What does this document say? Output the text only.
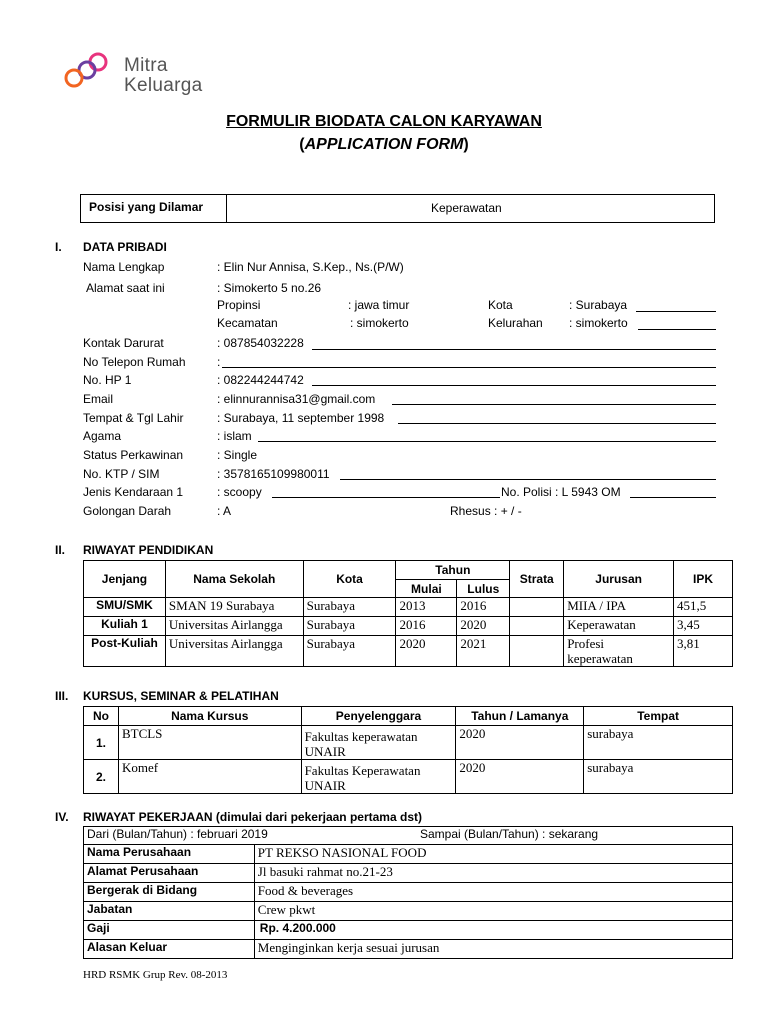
Mitra
Keluarga
FORMULIR BIODATA CALON KARYAWAN
(APPLICATION FORM)
Posisi yang Dilamar	Keperawatan
I. DATA PRIBADI
Nama Lengkap	: Elin Nur Annisa, S.Kep., Ns.(P/W)
Alamat saat ini	: Simokerto 5 no.26
Propinsi	: jawa timur	Kota	: Surabaya
Kecamatan	: simokerto	Kelurahan : simokerto
Kontak Darurat	: 087854032228
No Telepon Rumah	:
No. HP 1	: 082244244742
Email	: elinnurannisa31@gmail.com
Tempat & Tgl Lahir	: Surabaya, 11 september 1998
Agama	: islam
Status Perkawinan	: Single
No. KTP / SIM	: 3578165109980011
Jenis Kendaraan 1	: scoopy	No. Polisi : L 5943 OM
Golongan Darah	: A	Rhesus : + / -
II. RIWAYAT PENDIDIKAN
Jenjang	Nama Sekolah	Kota	Tahun		Strata	Jurusan	IPK
			Mulai	Lulus			
SMU/SMK	SMAN 19 Surabaya	Surabaya	2013	2016		MIIA / IPA	451,5
Kuliah 1	Universitas Airlangga	Surabaya	2016	2020		Keperawatan	3,45
Post-Kuliah	Universitas Airlangga	Surabaya	2020	2021		Profesi keperawatan	3,81
III. KURSUS, SEMINAR & PELATIHAN
No	Nama Kursus	Penyelenggara	Tahun / Lamanya	Tempat
1.	BTCLS	Fakultas keperawatan UNAIR	2020	surabaya
2.	Komef	Fakultas Keperawatan UNAIR	2020	surabaya
IV. RIWAYAT PEKERJAAN (dimulai dari pekerjaan pertama dst)
Dari (Bulan/Tahun) : februari 2019		Sampai (Bulan/Tahun) : sekarang
Nama Perusahaan	PT REKSO NASIONAL FOOD	
Alamat Perusahaan	Jl basuki rahmat no.21-23	
Bergerak di Bidang	Food & beverages	
Jabatan	Crew pkwt	
Gaji	Rp. 4.200.000	
Alasan Keluar	Menginginkan kerja sesuai jurusan	
HRD RSMK Grup Rev. 08-2013
